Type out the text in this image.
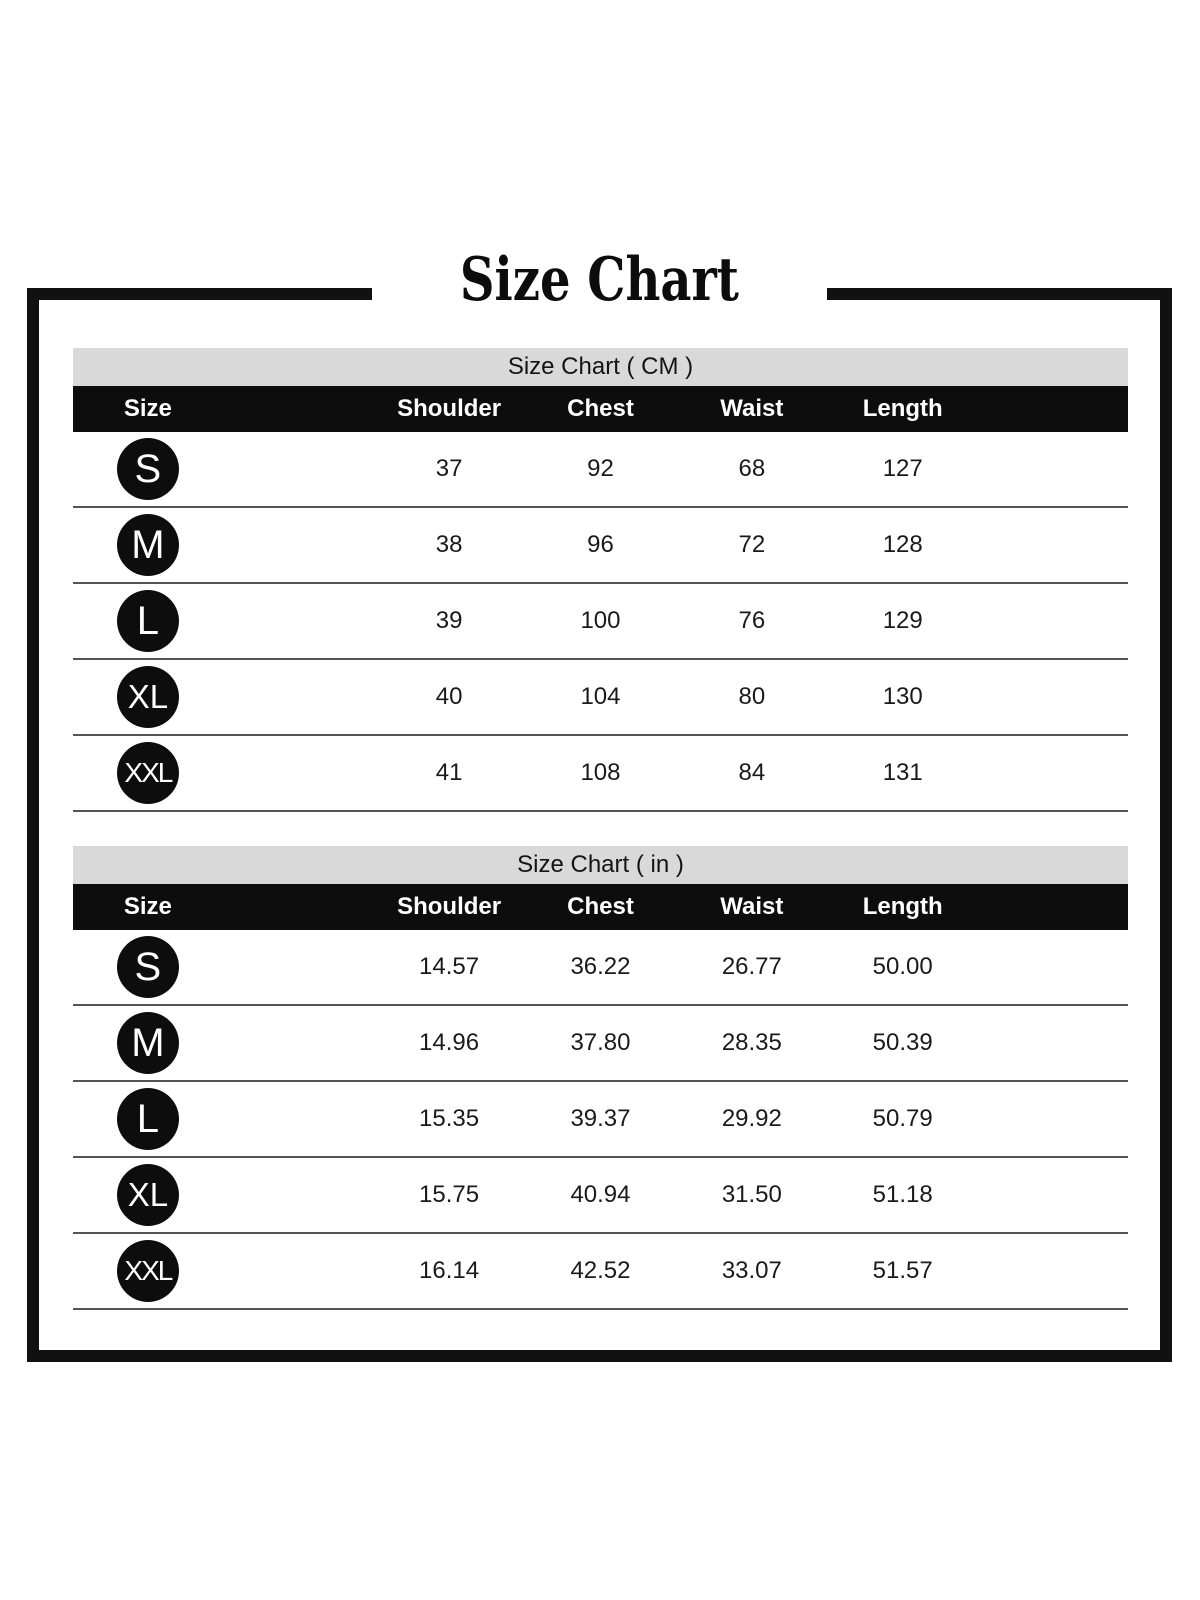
Size Chart
Size Chart ( CM )
Size	Shoulder	Chest	Waist	Length
S	37	92	68	127
M	38	96	72	128
L	39	100	76	129
XL	40	104	80	130
XXL	41	108	84	131
Size Chart ( in )
Size	Shoulder	Chest	Waist	Length
S	14.57	36.22	26.77	50.00
M	14.96	37.80	28.35	50.39
L	15.35	39.37	29.92	50.79
XL	15.75	40.94	31.50	51.18
XXL	16.14	42.52	33.07	51.57
